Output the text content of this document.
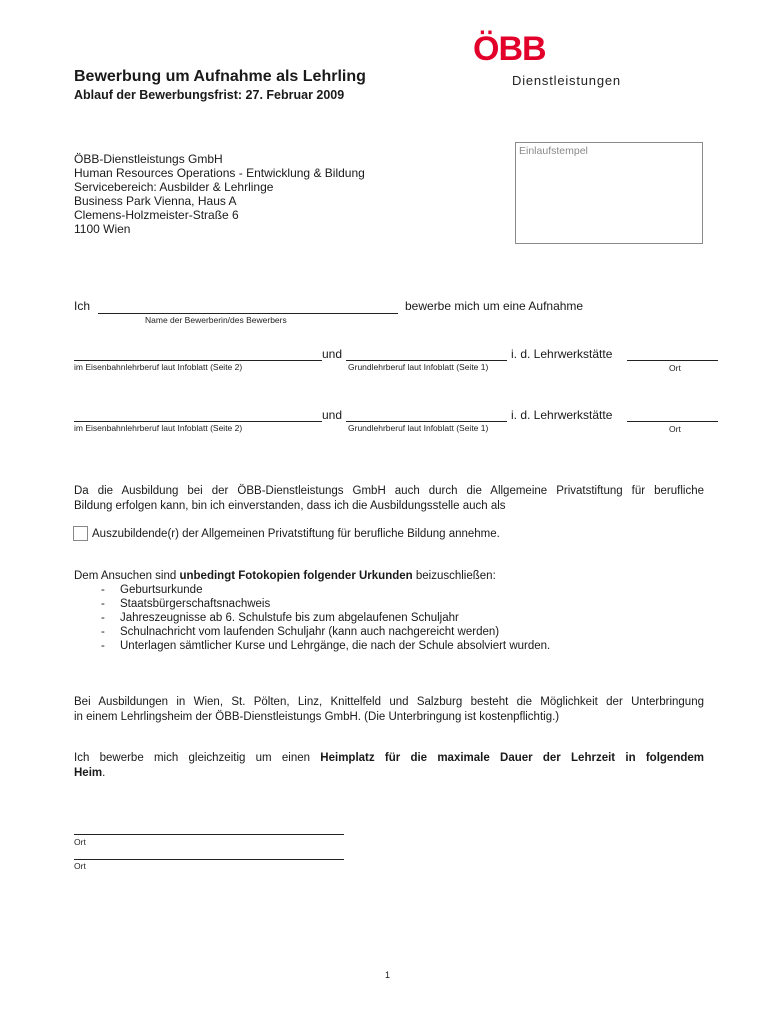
ÖBB
Dienstleistungen
Bewerbung um Aufnahme als Lehrling
Ablauf der Bewerbungsfrist: 27. Februar 2009
ÖBB-Dienstleistungs GmbH
Human Resources Operations - Entwicklung & Bildung
Servicebereich: Ausbilder & Lehrlinge
Business Park Vienna, Haus A
Clemens-Holzmeister-Straße 6
1100 Wien
Einlaufstempel
Ich	bewerbe mich um eine Aufnahme
Name der Bewerberin/des Bewerbers
und	i. d. Lehrwerkstätte
im Eisenbahnlehrberuf laut Infoblatt (Seite 2)	Grundlehrberuf laut Infoblatt (Seite 1)	Ort
und	i. d. Lehrwerkstätte
im Eisenbahnlehrberuf laut Infoblatt (Seite 2)	Grundlehrberuf laut Infoblatt (Seite 1)	Ort
Da die Ausbildung bei der ÖBB-Dienstleistungs GmbH auch durch die Allgemeine Privatstiftung für berufliche
Bildung erfolgen kann, bin ich einverstanden, dass ich die Ausbildungsstelle auch als
Auszubildende(r) der Allgemeinen Privatstiftung für berufliche Bildung annehme.
Dem Ansuchen sind unbedingt Fotokopien folgender Urkunden beizuschließen:
- Geburtsurkunde
- Staatsbürgerschaftsnachweis
- Jahreszeugnisse ab 6. Schulstufe bis zum abgelaufenen Schuljahr
- Schulnachricht vom laufenden Schuljahr (kann auch nachgereicht werden)
- Unterlagen sämtlicher Kurse und Lehrgänge, die nach der Schule absolviert wurden.
Bei Ausbildungen in Wien, St. Pölten, Linz, Knittelfeld und Salzburg besteht die Möglichkeit der Unterbringung
in einem Lehrlingsheim der ÖBB-Dienstleistungs GmbH. (Die Unterbringung ist kostenpflichtig.)
Ich bewerbe mich gleichzeitig um einen Heimplatz für die maximale Dauer der Lehrzeit in folgendem
Heim.
Ort
Ort
1
